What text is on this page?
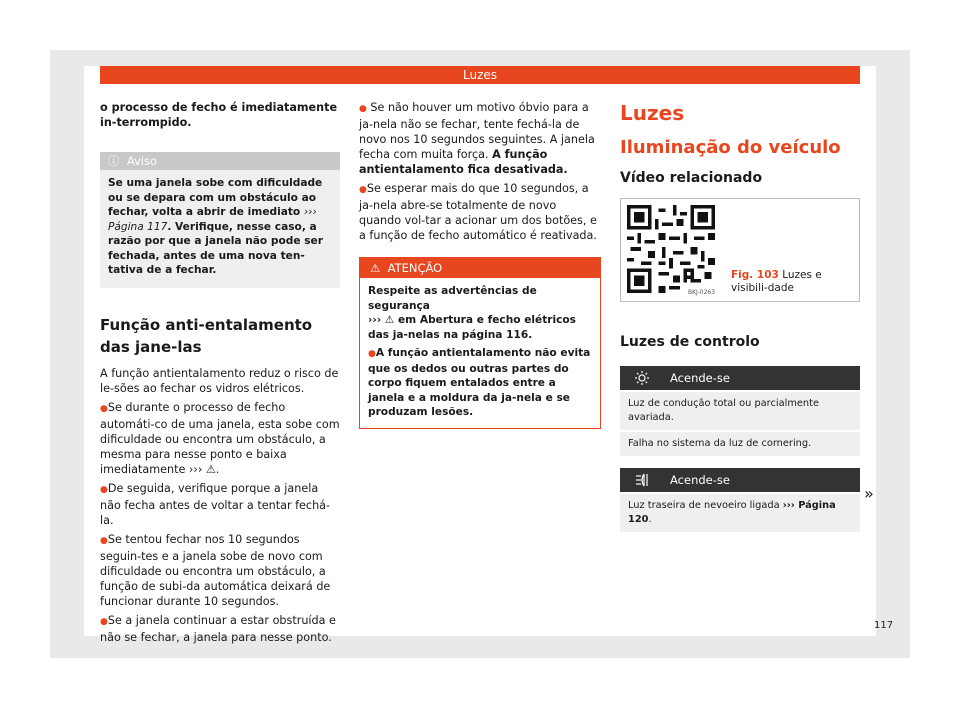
Luzes

o processo de fecho é imediatamente in-terrompido.

ⓘ Aviso
Se uma janela sobe com dificuldade ou se depara com um obstáculo ao fechar, volta a abrir de imediato ››› Página 117. Verifique, nesse caso, a razão por que a janela não pode ser fechada, antes de uma nova ten-tativa de a fechar.
Função anti-entalamento das jane-las

A função antientalamento reduz o risco de le-sões ao fechar os vidros elétricos.

● Se durante o processo de fecho automáti-co de uma janela, esta sobe com dificuldade ou encontra um obstáculo, a mesma para nesse ponto e baixa imediatamente ››› ⚠.

● De seguida, verifique porque a janela não fecha antes de voltar a tentar fechá-la.

● Se tentou fechar nos 10 segundos seguin-tes e a janela sobe de novo com dificuldade ou encontra um obstáculo, a função de subi-da automática deixará de funcionar durante 10 segundos.

● Se a janela continuar a estar obstruída e não se fechar, a janela para nesse ponto.

● Se não houver um motivo óbvio para a ja-nela não se fechar, tente fechá-la de novo nos 10 segundos seguintes. A janela fecha com muita força. A função antientalamento fica desativada.

● Se esperar mais do que 10 segundos, a ja-nela abre-se totalmente de novo quando vol-tar a acionar um dos botões, e a função de fecho automático é reativada.

⚠ ATENÇÃO

Respeite as advertências de segurança

››› ⚠ em Abertura e fecho elétricos das ja-nelas na página 116.

● A função antientalamento não evita que os dedos ou outras partes do corpo fiquem entalados entre a janela e a moldura da ja-nela e se produzam lesões.

Luzes
Iluminação do veículo
Vídeo relacionado
BKJ-0263
Fig. 103 Luzes e visibili-dade
Luzes de controlo
Acende-se
Luz de condução total ou parcialmente avariada.
Falha no sistema da luz de cornering.
Acende-se
Luz traseira de nevoeiro ligada ››› Página 120.
»
117
